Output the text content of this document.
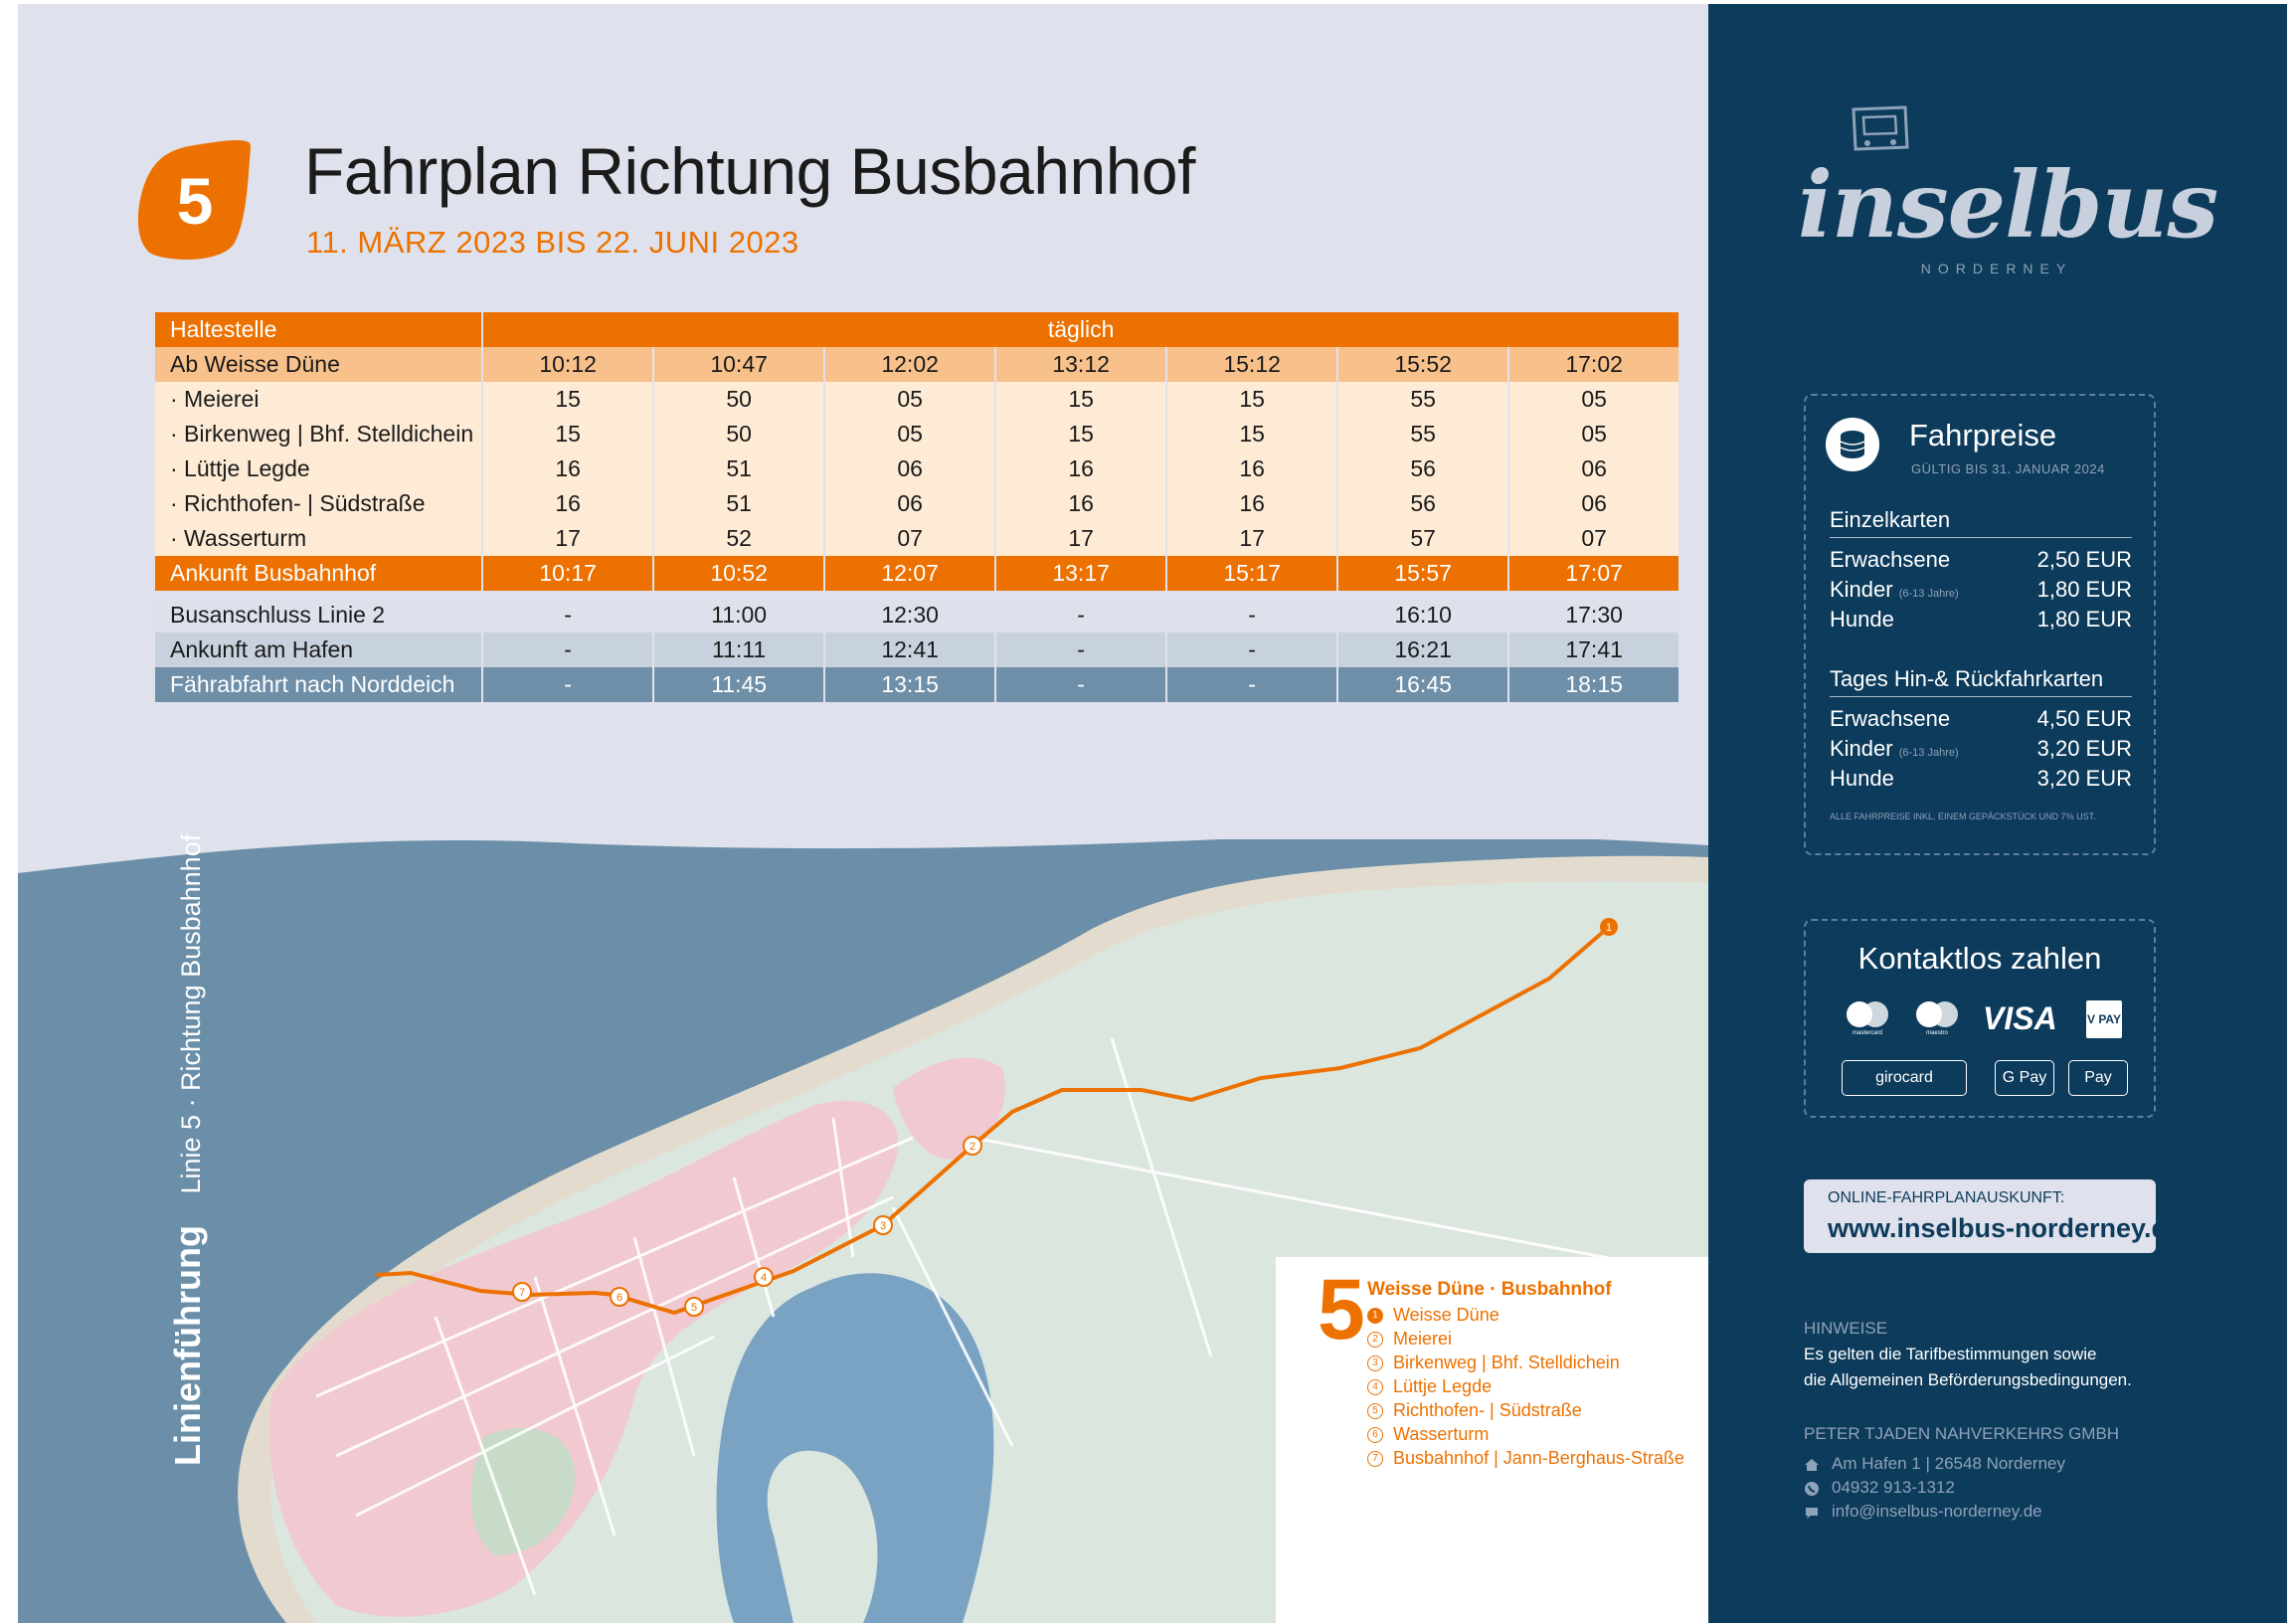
5	Fahrplan Richtung Busbahnhof
11. MÄRZ 2023 BIS 22. JUNI 2023
Haltestelle	täglich						
Ab Weisse Düne	10:12	10:47	12:02	13:12	15:12	15:52	17:02
· Meierei	15	50	05	15	15	55	05
· Birkenweg | Bhf. Stelldichein	15	50	05	15	15	55	05
· Lüttje Legde	16	51	06	16	16	56	06
· Richthofen- | Südstraße	16	51	06	16	16	56	06
· Wasserturm	17	52	07	17	17	57	07
Ankunft Busbahnhof	10:17	10:52	12:07	13:17	15:17	15:57	17:07

Busanschluss Linie 2	-	11:00	12:30	-	-	16:10	17:30
Ankunft am Hafen	-	11:11	12:41	-	-	16:21	17:41
Fährabfahrt nach Norddeich	-	11:45	13:15	-	-	16:45	18:15
1
2
3
4
5
6
7
Linienführung Linie 5 · Richtung Busbahnhof
5 Weisse Düne · Busbahnhof
1 Weisse Düne
2 Meierei
3 Birkenweg | Bhf. Stelldichein
4 Lüttje Legde
5 Richthofen- | Südstraße
6 Wasserturm
7 Busbahnhof | Jann-Berghaus-Straße
inselbus
NORDERNEY
Fahrpreise
GÜLTIG BIS 31. JANUAR 2024
Einzelkarten
Erwachsene	2,50 EUR
Kinder (6-13 Jahre)	1,80 EUR
Hunde	1,80 EUR
Tages Hin-& Rückfahrkarten
Erwachsene	4,50 EUR
Kinder (6-13 Jahre)	3,20 EUR
Hunde	3,20 EUR
ALLE FAHRPREISE INKL. EINEM GEPÄCKSTÜCK UND 7% UST.
Kontaktlos zahlen
mastercard	maestro	VISA	V PAY
girocard	G Pay	Pay
ONLINE-FAHRPLANAUSKUNFT:
www.inselbus-norderney.de
HINWEISE
Es gelten die Tarifbestimmungen sowie
die Allgemeinen Beförderungsbedingungen.
PETER TJADEN NAHVERKEHRS GMBH
Am Hafen 1 | 26548 Norderney
04932 913-1312
info@inselbus-norderney.de
